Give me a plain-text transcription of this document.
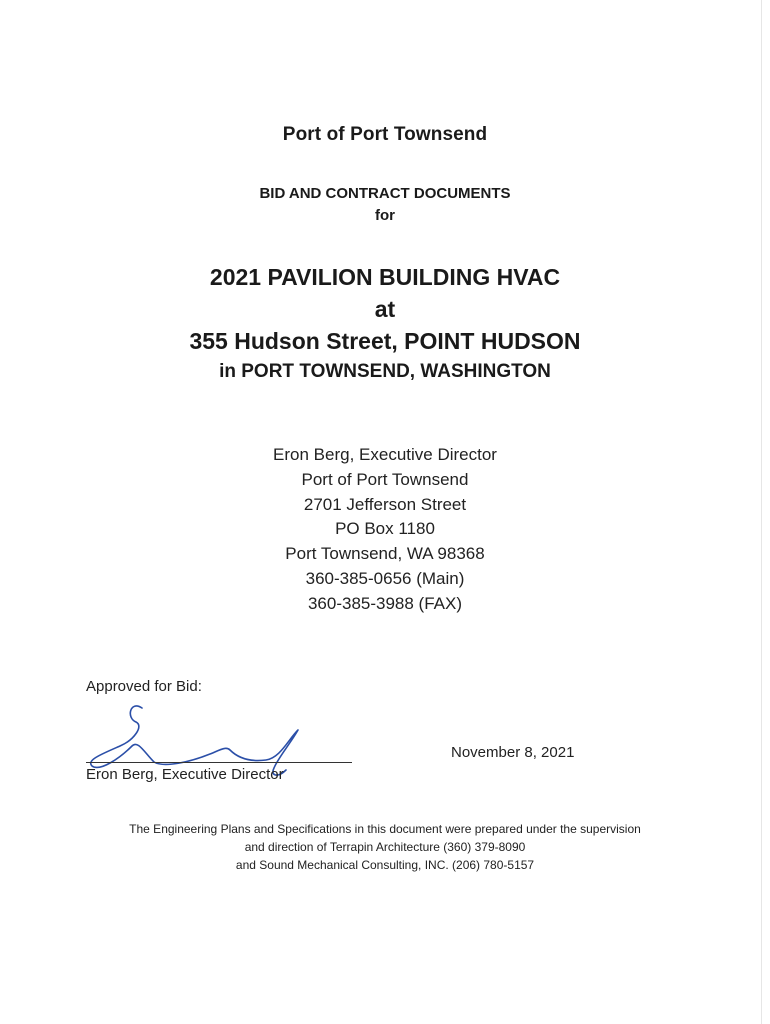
Port of Port Townsend
BID AND CONTRACT DOCUMENTS
for
2021 PAVILION BUILDING HVAC
at
355 Hudson Street, POINT HUDSON
in PORT TOWNSEND, WASHINGTON
Eron Berg, Executive Director
Port of Port Townsend
2701 Jefferson Street
PO Box 1180
Port Townsend, WA 98368
360-385-0656 (Main)
360-385-3988 (FAX)
Approved for Bid:
Eron Berg, Executive Director
November 8, 2021
The Engineering Plans and Specifications in this document were prepared under the supervision
and direction of Terrapin Architecture (360) 379-8090
and Sound Mechanical Consulting, INC. (206) 780-5157
